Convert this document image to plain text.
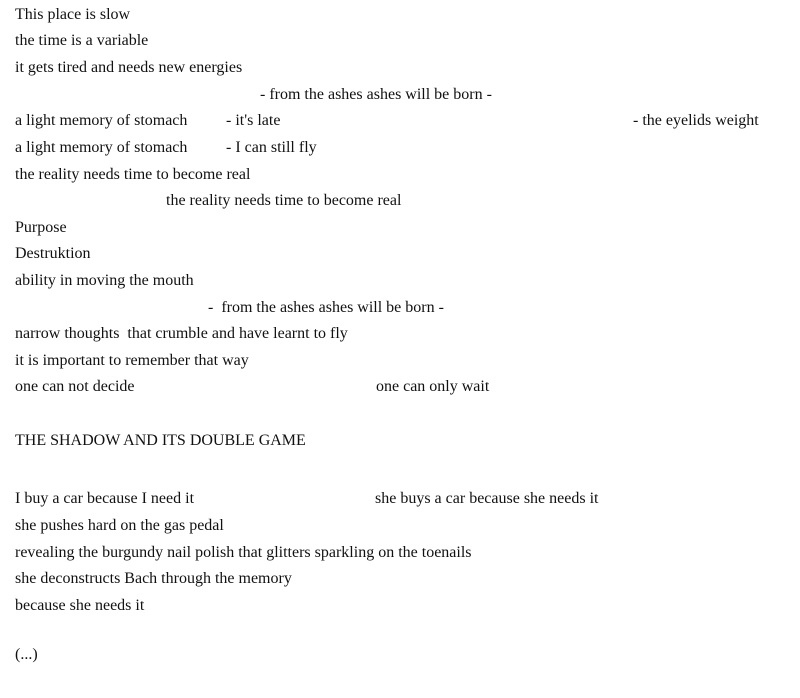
This place is slow
the time is a variable
it gets tired and needs new energies
- from the ashes ashes will be born -
a light memory of stomach - it's late	- the eyelids weight
a light memory of stomach - I can still fly
the reality needs time to become real
the reality needs time to become real
Purpose
Destruktion
ability in moving the mouth
-  from the ashes ashes will be born -
narrow thoughts  that crumble and have learnt to fly
it is important to remember that way
one can not decide	one can only wait
THE SHADOW AND ITS DOUBLE GAME
I buy a car because I need it	she buys a car because she needs it
she pushes hard on the gas pedal
revealing the burgundy nail polish that glitters sparkling on the toenails
she deconstructs Bach through the memory
because she needs it
(...)
